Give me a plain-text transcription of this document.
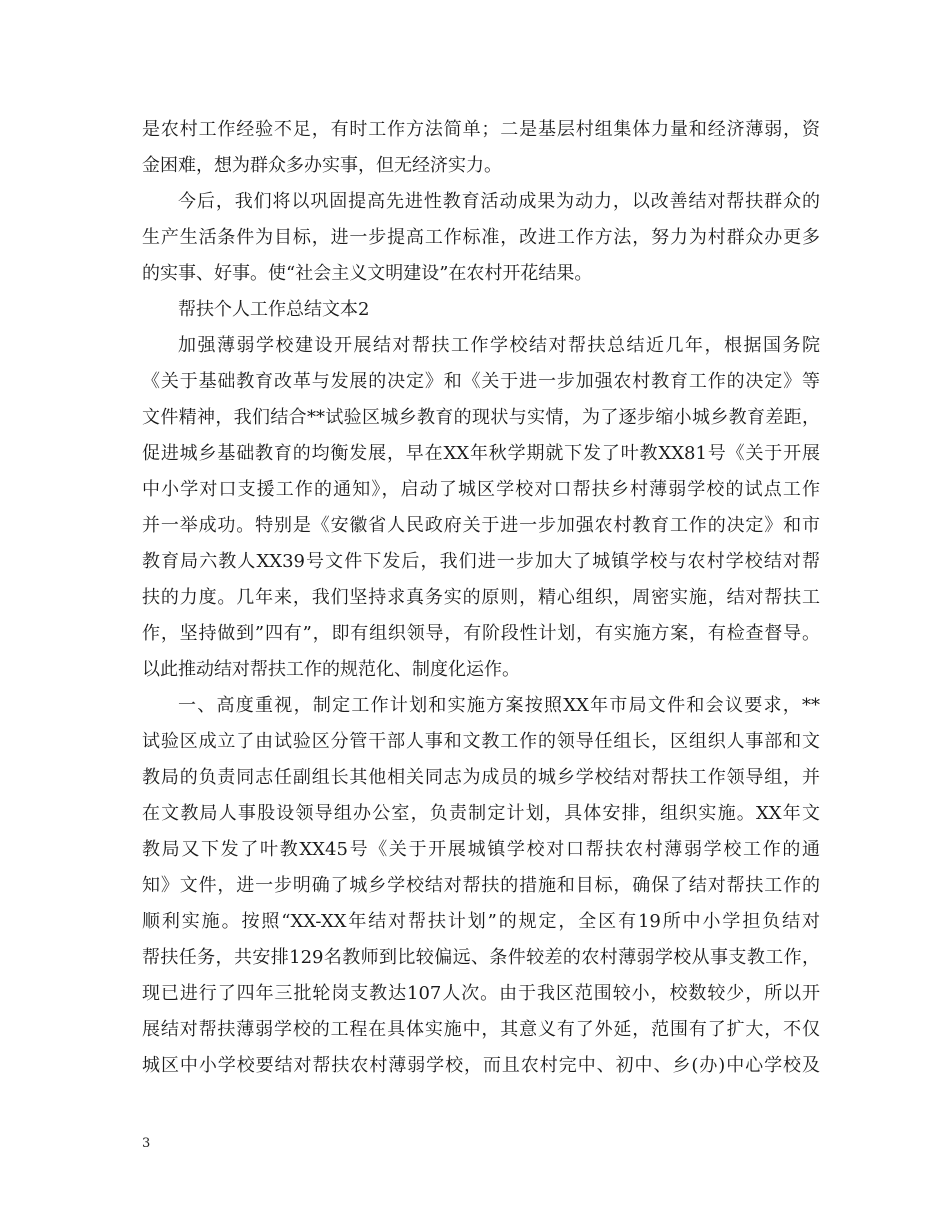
是农村工作经验不足，有时工作方法简单；二是基层村组集体力量和经济薄弱，资
金困难，想为群众多办实事，但无经济实力。
今后，我们将以巩固提高先进性教育活动成果为动力，以改善结对帮扶群众的
生产生活条件为目标，进一步提高工作标准，改进工作方法，努力为村群众办更多
的实事、好事。使“社会主义文明建设”在农村开花结果。
帮扶个人工作总结文本2
加强薄弱学校建设开展结对帮扶工作学校结对帮扶总结近几年，根据国务院
《关于基础教育改革与发展的决定》和《关于进一步加强农村教育工作的决定》等
文件精神，我们结合**试验区城乡教育的现状与实情，为了逐步缩小城乡教育差距，
促进城乡基础教育的均衡发展，早在XX年秋学期就下发了叶教XX81号《关于开展
中小学对口支援工作的通知》，启动了城区学校对口帮扶乡村薄弱学校的试点工作
并一举成功。特别是《安徽省人民政府关于进一步加强农村教育工作的决定》和市
教育局六教人XX39号文件下发后，我们进一步加大了城镇学校与农村学校结对帮
扶的力度。几年来，我们坚持求真务实的原则，精心组织，周密实施，结对帮扶工
作，坚持做到”四有”，即有组织领导，有阶段性计划，有实施方案，有检查督导。
以此推动结对帮扶工作的规范化、制度化运作。
一、高度重视，制定工作计划和实施方案按照XX年市局文件和会议要求，**
试验区成立了由试验区分管干部人事和文教工作的领导任组长，区组织人事部和文
教局的负责同志任副组长其他相关同志为成员的城乡学校结对帮扶工作领导组，并
在文教局人事股设领导组办公室，负责制定计划，具体安排，组织实施。XX年文
教局又下发了叶教XX45号《关于开展城镇学校对口帮扶农村薄弱学校工作的通
知》文件，进一步明确了城乡学校结对帮扶的措施和目标，确保了结对帮扶工作的
顺利实施。按照“XX-XX年结对帮扶计划”的规定，全区有19所中小学担负结对
帮扶任务，共安排129名教师到比较偏远、条件较差的农村薄弱学校从事支教工作，
现已进行了四年三批轮岗支教达107人次。由于我区范围较小，校数较少，所以开
展结对帮扶薄弱学校的工程在具体实施中，其意义有了外延，范围有了扩大，不仅
城区中小学校要结对帮扶农村薄弱学校，而且农村完中、初中、乡(办)中心学校及
3
